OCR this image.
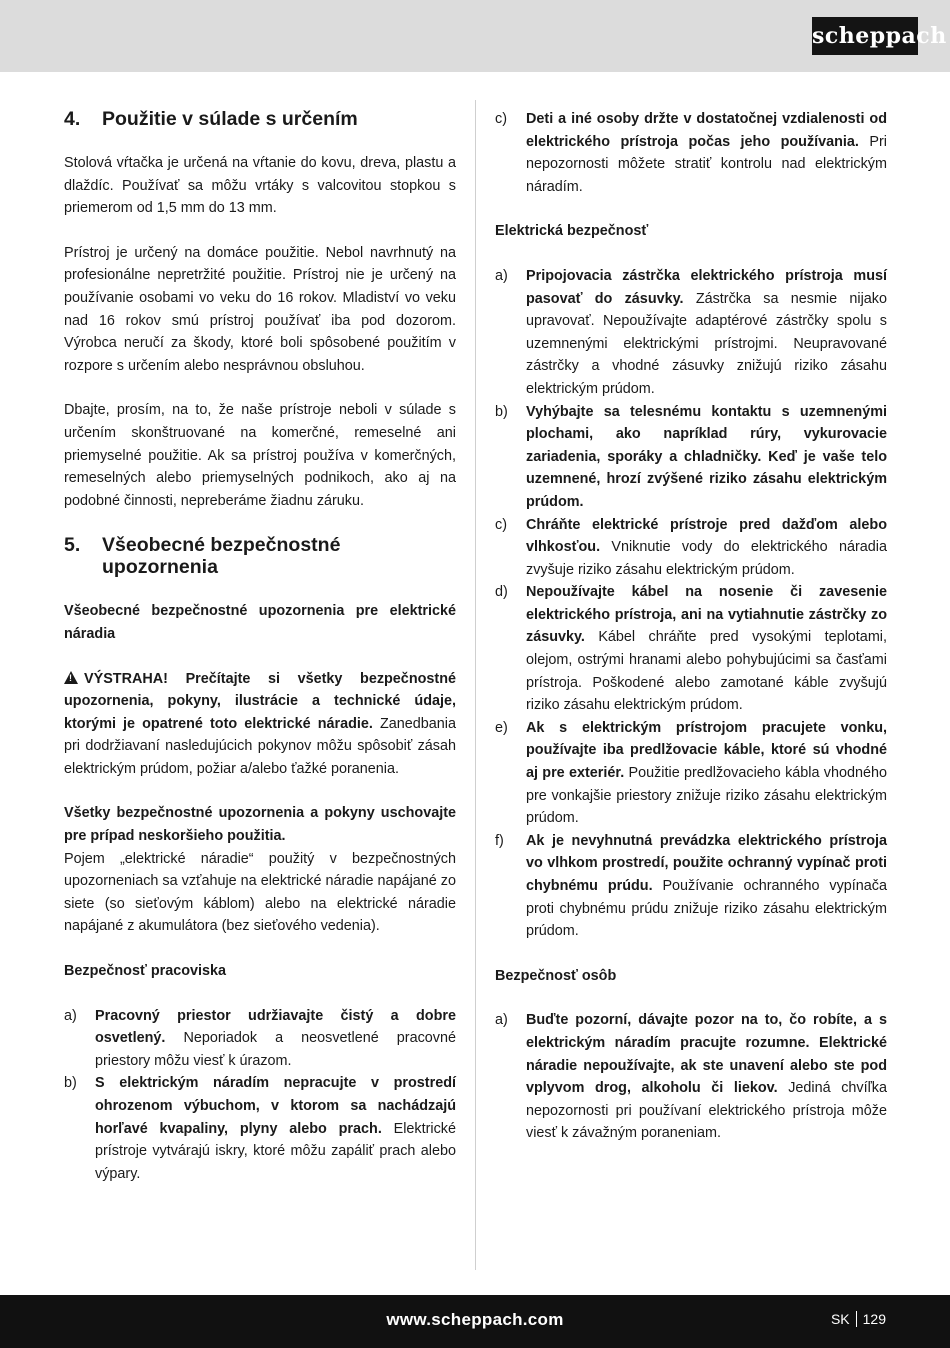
scheppach
4.	Použitie v súlade s určením

Stolová vŕtačka je určená na vŕtanie do kovu, dreva, plastu a dlaždíc. Používať sa môžu vrtáky s valcovitou stopkou s priemerom od 1,5 mm do 13 mm.

Prístroj je určený na domáce použitie. Nebol navrhnutý na profesionálne nepretržité použitie. Prístroj nie je určený na používanie osobami vo veku do 16 rokov. Mladiství vo veku nad 16 rokov smú prístroj používať iba pod dozorom. Výrobca neručí za škody, ktoré boli spôsobené použitím v rozpore s určením alebo nesprávnou obsluhou.

Dbajte, prosím, na to, že naše prístroje neboli v súlade s určením skonštruované na komerčné, remeselné ani priemyselné použitie. Ak sa prístroj používa v komerčných, remeselných alebo priemyselných podnikoch, ako aj na podobné činnosti, nepreberáme žiadnu záruku.

5.	Všeobecné bezpečnostné upozornenia

Všeobecné bezpečnostné upozornenia pre elektrické náradia

!VÝSTRAHA! Prečítajte si všetky bezpečnostné upozornenia, pokyny, ilustrácie a technické údaje, ktorými je opatrené toto elektrické náradie. Zanedbania pri dodržiavaní nasledujúcich pokynov môžu spôsobiť zásah elektrickým prúdom, požiar a/alebo ťažké poranenia.

Všetky bezpečnostné upozornenia a pokyny uschovajte pre prípad neskoršieho použitia.
Pojem „elektrické náradie“ použitý v bezpečnostných upozorneniach sa vzťahuje na elektrické náradie napájané zo siete (so sieťovým káblom) alebo na elektrické náradie napájané z akumulátora (bez sieťového vedenia).

Bezpečnosť pracoviska

a)	Pracovný priestor udržiavajte čistý a dobre osvetlený. Neporiadok a neosvetlené pracovné priestory môžu viesť k úrazom.
b)	S elektrickým náradím nepracujte v prostredí ohrozenom výbuchom, v ktorom sa nachádzajú horľavé kvapaliny, plyny alebo prach. Elektrické prístroje vytvárajú iskry, ktoré môžu zapáliť prach alebo výpary.
c)	Deti a iné osoby držte v dostatočnej vzdialenosti od elektrického prístroja počas jeho používania. Pri nepozornosti môžete stratiť kontrolu nad elektrickým náradím.

Elektrická bezpečnosť

a)	Pripojovacia zástrčka elektrického prístroja musí pasovať do zásuvky. Zástrčka sa nesmie nijako upravovať. Nepoužívajte adaptérové zástrčky spolu s uzemnenými elektrickými prístrojmi. Neupravované zástrčky a vhodné zásuvky znižujú riziko zásahu elektrickým prúdom.
b)	Vyhýbajte sa telesnému kontaktu s uzemnenými plochami, ako napríklad rúry, vykurovacie zariadenia, sporáky a chladničky. Keď je vaše telo uzemnené, hrozí zvýšené riziko zásahu elektrickým prúdom.
c)	Chráňte elektrické prístroje pred dažďom alebo vlhkosťou. Vniknutie vody do elektrického náradia zvyšuje riziko zásahu elektrickým prúdom.
d)	Nepoužívajte kábel na nosenie či zavesenie elektrického prístroja, ani na vytiahnutie zástrčky zo zásuvky. Kábel chráňte pred vysokými teplotami, olejom, ostrými hranami alebo pohybujúcimi sa časťami prístroja. Poškodené alebo zamotané káble zvyšujú riziko zásahu elektrickým prúdom.
e)	Ak s elektrickým prístrojom pracujete vonku, používajte iba predlžovacie káble, ktoré sú vhodné aj pre exteriér. Použitie predlžovacieho kábla vhodného pre vonkajšie priestory znižuje riziko zásahu elektrickým prúdom.
f)	Ak je nevyhnutná prevádzka elektrického prístroja vo vlhkom prostredí, použite ochranný vypínač proti chybnému prúdu. Používanie ochranného vypínača proti chybnému prúdu znižuje riziko zásahu elektrickým prúdom.

Bezpečnosť osôb

a)	Buďte pozorní, dávajte pozor na to, čo robíte, a s elektrickým náradím pracujte rozumne. Elektrické náradie nepoužívajte, ak ste unavení alebo ste pod vplyvom drog, alkoholu či liekov. Jediná chvíľka nepozornosti pri používaní elektrického prístroja môže viesť k závažným poraneniam.
www.scheppach.com	SK 129
